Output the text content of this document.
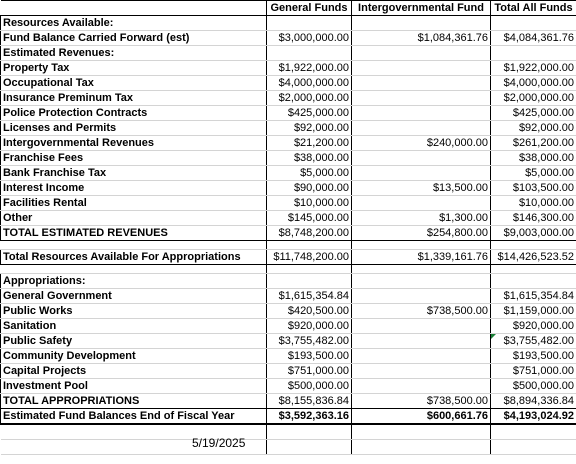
	General Funds	Intergovernmental Fund	Total All Funds
Resources Available:			
Fund Balance Carried Forward (est)	$3,000,000.00	$1,084,361.76	$4,084,361.76
Estimated Revenues:			
Property Tax	$1,922,000.00		$1,922,000.00
Occupational Tax	$4,000,000.00		$4,000,000.00
Insurance Preminum Tax	$2,000,000.00		$2,000,000.00
Police Protection Contracts	$425,000.00		$425,000.00
Licenses and Permits	$92,000.00		$92,000.00
Intergovernmental Revenues	$21,200.00	$240,000.00	$261,200.00
Franchise Fees	$38,000.00		$38,000.00
Bank Franchise Tax	$5,000.00		$5,000.00
Interest Income	$90,000.00	$13,500.00	$103,500.00
Facilities Rental	$10,000.00		$10,000.00
Other	$145,000.00	$1,300.00	$146,300.00
TOTAL ESTIMATED REVENUES	$8,748,200.00	$254,800.00	$9,003,000.00

Total Resources Available For Appropriations	$11,748,200.00	$1,339,161.76	$14,426,523.52

Appropriations:			
General Government	$1,615,354.84		$1,615,354.84
Public Works	$420,500.00	$738,500.00	$1,159,000.00
Sanitation	$920,000.00		$920,000.00
Public Safety	$3,755,482.00		$3,755,482.00

Community Development	$193,500.00		$193,500.00
Capital Projects	$751,000.00		$751,000.00
Investment Pool	$500,000.00		$500,000.00
TOTAL APPROPRIATIONS	$8,155,836.84	$738,500.00	$8,894,336.84
Estimated Fund Balances End of Fiscal Year	$3,592,363.16	$600,661.76	$4,193,024.92

5/19/2025
